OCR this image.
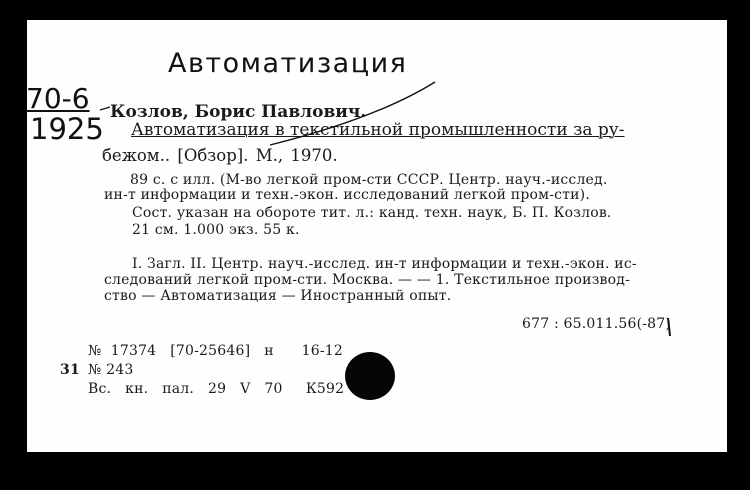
Автоматизация
70-6
1925 Козлов, Борис Павлович.
Автоматизация в текстильной промышленности за ру-
бежом.. [Обзор]. М., 1970.
89 с. с илл. (М-во легкой пром-сти СССР. Центр. науч.-исслед.
ин-т информации и техн.-экон. исследований легкой пром-сти).
Сост. указан на обороте тит. л.: канд. техн. наук, Б. П. Козлов.
21 см. 1.000 экз. 55 к.
I. Загл. II. Центр. науч.-исслед. ин-т информации и техн.-экон. ис-
следований легкой пром-сти. Москва. — — 1. Текстильное производ-
ство — Автоматизация — Иностранный опыт.
677 : 65.011.56(-87)
№  17374   [70-25646]   н      16-12
31 № 243
Вс.   кн.   пал.   29   V   70     К592
